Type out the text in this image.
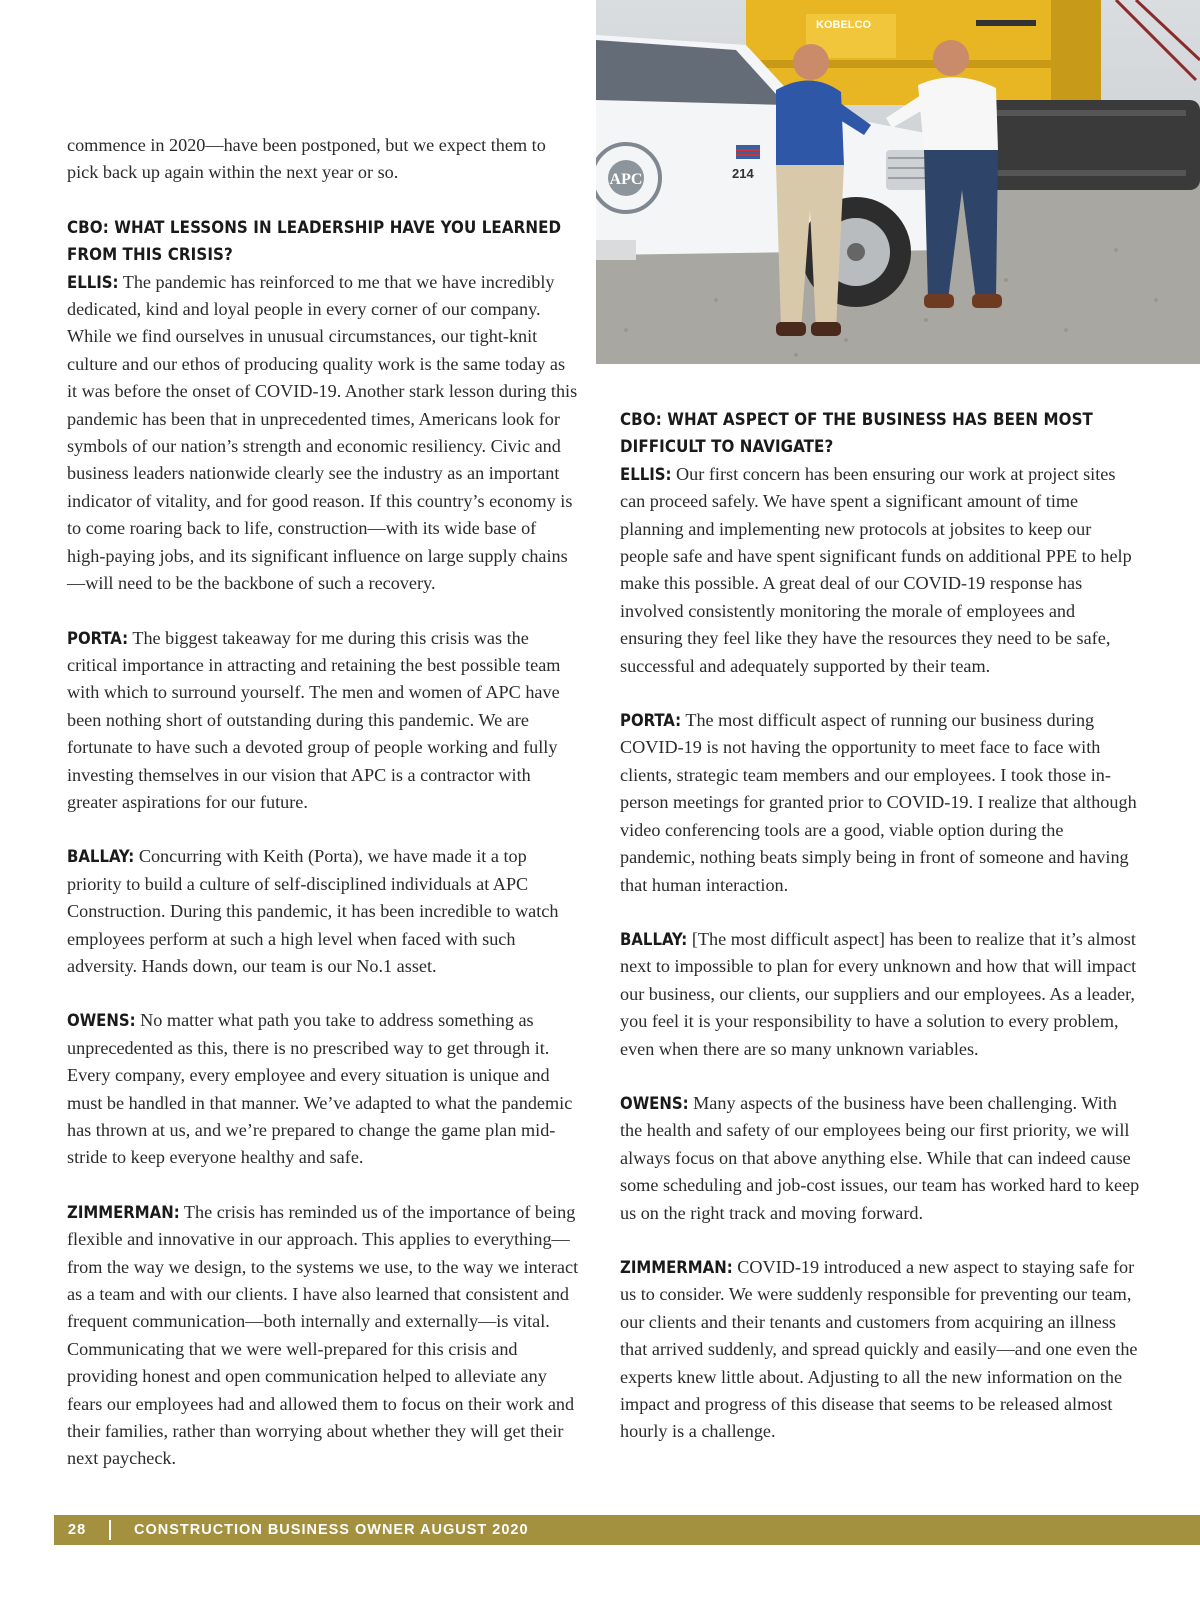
KOBELCO
APC	214

commence in 2020—have been postponed, but we expect them to pick back up again within the next year or so.

CBO: WHAT LESSONS IN LEADERSHIP HAVE YOU LEARNED FROM THIS CRISIS?

ELLIS: The pandemic has reinforced to me that we have incredibly dedicated, kind and loyal people in every corner of our company. While we find ourselves in unusual circumstances, our tight-knit culture and our ethos of producing quality work is the same today as it was before the onset of COVID-19. Another stark lesson during this pandemic has been that in unprecedented times, Americans look for symbols of our nation’s strength and economic resiliency. Civic and business leaders nationwide clearly see the industry as an important indicator of vitality, and for good reason. If this country’s economy is to come roaring back to life, construction—with its wide base of high-paying jobs, and its significant influence on large supply chains—will need to be the backbone of such a recovery.

PORTA: The biggest takeaway for me during this crisis was the critical importance in attracting and retaining the best possible team with which to surround yourself. The men and women of APC have been nothing short of outstanding during this pandemic. We are fortunate to have such a devoted group of people working and fully investing themselves in our vision that APC is a contractor with greater aspirations for our future.

BALLAY: Concurring with Keith (Porta), we have made it a top priority to build a culture of self-disciplined individuals at APC Construction. During this pandemic, it has been incredible to watch employees perform at such a high level when faced with such adversity. Hands down, our team is our No.1 asset.

OWENS: No matter what path you take to address something as unprecedented as this, there is no prescribed way to get through it. Every company, every employee and every situation is unique and must be handled in that manner. We’ve adapted to what the pandemic has thrown at us, and we’re prepared to change the game plan mid-stride to keep everyone healthy and safe.

ZIMMERMAN: The crisis has reminded us of the importance of being flexible and innovative in our approach. This applies to everything—from the way we design, to the systems we use, to the way we interact as a team and with our clients. I have also learned that consistent and frequent communication—both internally and externally—is vital. Communicating that we were well-prepared for this crisis and providing honest and open communication helped to alleviate any fears our employees had and allowed them to focus on their work and their families, rather than worrying about whether they will get their next paycheck.

CBO: WHAT ASPECT OF THE BUSINESS HAS BEEN MOST DIFFICULT TO NAVIGATE?

ELLIS: Our first concern has been ensuring our work at project sites can proceed safely. We have spent a significant amount of time planning and implementing new protocols at jobsites to keep our people safe and have spent significant funds on additional PPE to help make this possible. A great deal of our COVID-19 response has involved consistently monitoring the morale of employees and ensuring they feel like they have the resources they need to be safe, successful and adequately supported by their team.

PORTA: The most difficult aspect of running our business during COVID-19 is not having the opportunity to meet face to face with clients, strategic team members and our employees. I took those in-person meetings for granted prior to COVID-19. I realize that although video conferencing tools are a good, viable option during the pandemic, nothing beats simply being in front of someone and having that human interaction.

BALLAY: [The most difficult aspect] has been to realize that it’s almost next to impossible to plan for every unknown and how that will impact our business, our clients, our suppliers and our employees. As a leader, you feel it is your responsibility to have a solution to every problem, even when there are so many unknown variables.

OWENS: Many aspects of the business have been challenging. With the health and safety of our employees being our first priority, we will always focus on that above anything else. While that can indeed cause some scheduling and job-cost issues, our team has worked hard to keep us on the right track and moving forward.

ZIMMERMAN: COVID-19 introduced a new aspect to staying safe for us to consider. We were suddenly responsible for preventing our team, our clients and their tenants and customers from acquiring an illness that arrived suddenly, and spread quickly and easily—and one even the experts knew little about. Adjusting to all the new information on the impact and progress of this disease that seems to be released almost hourly is a challenge.

28	CONSTRUCTION BUSINESS OWNER AUGUST 2020
